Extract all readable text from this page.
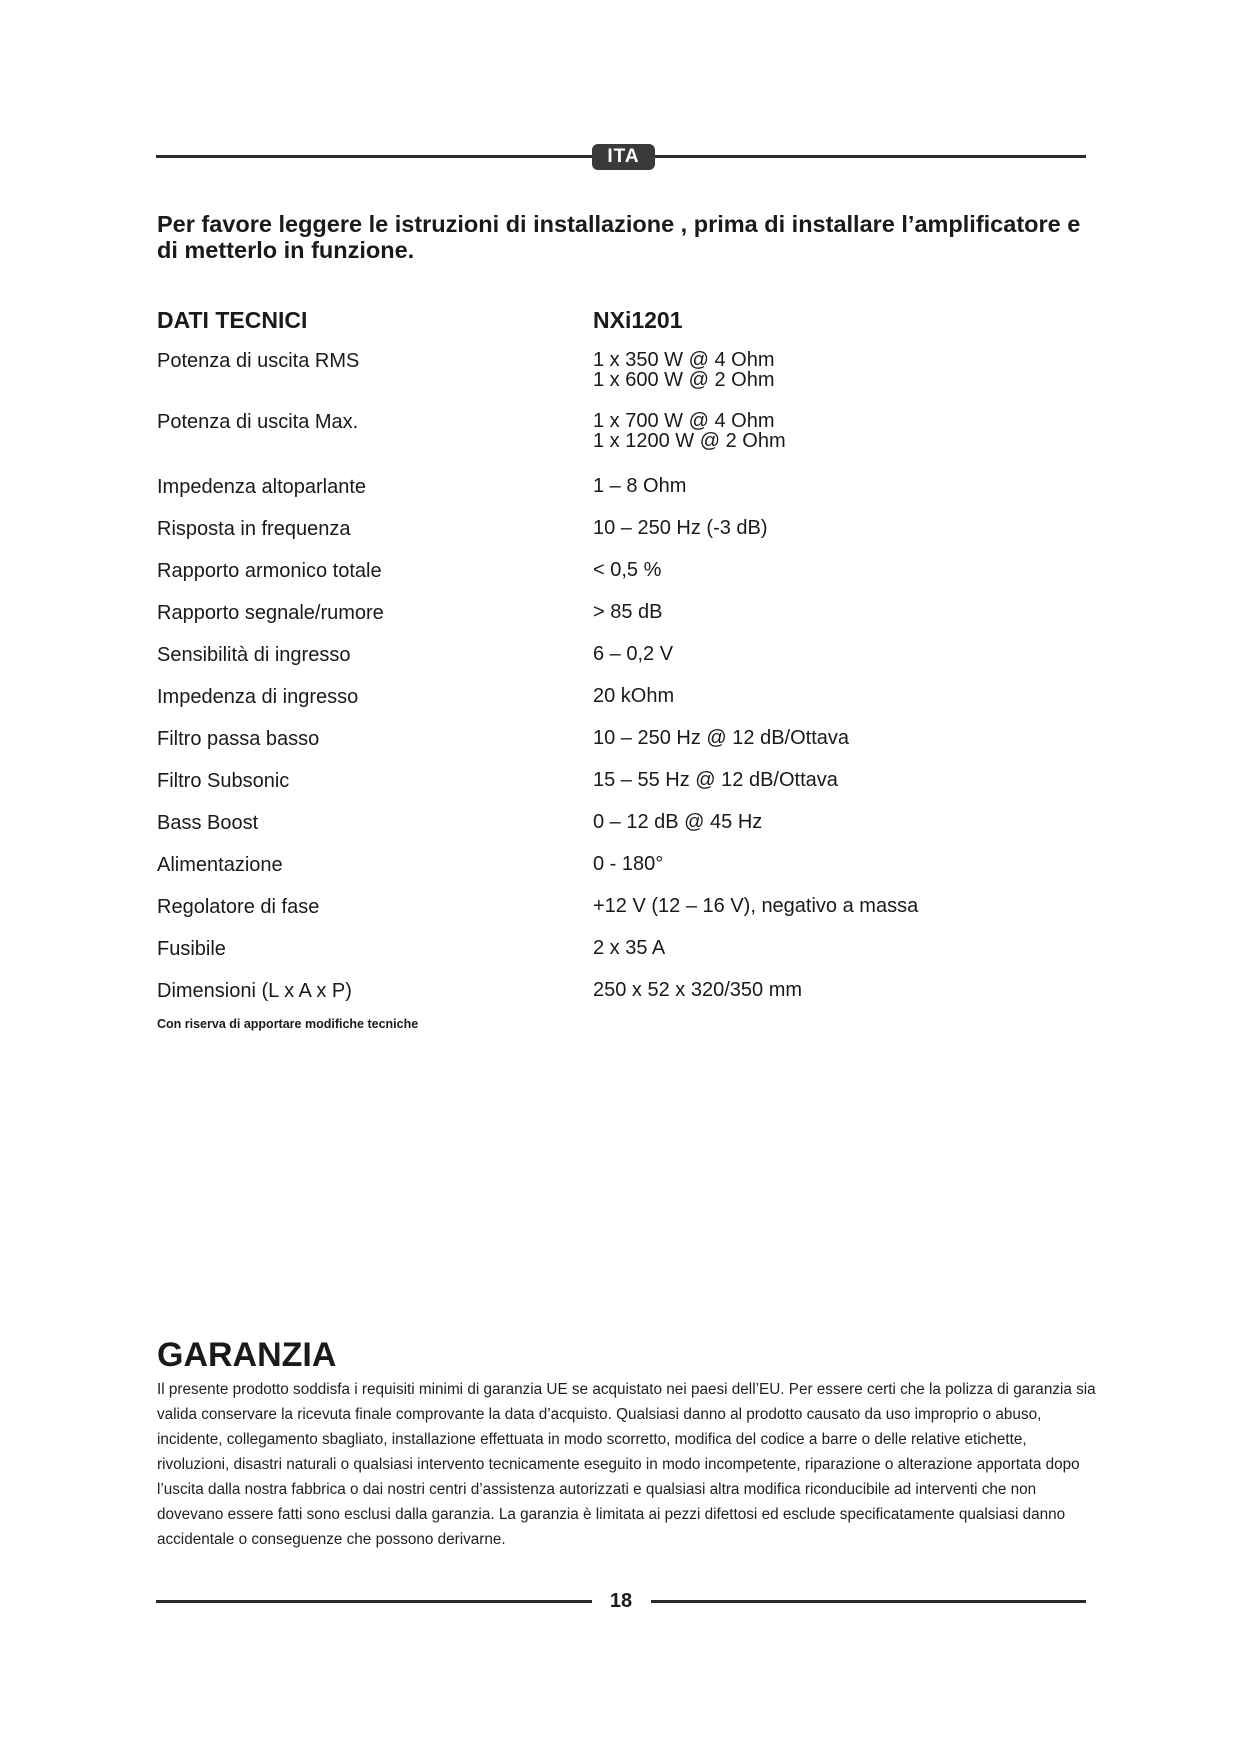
ITA

Per favore leggere le istruzioni di installazione , prima di installare l’amplificatore e di metterlo in funzione.

DATI TECNICI	NXi1201
Potenza di uscita RMS	1 x 350 W @ 4 Ohm
1 x 600 W @ 2 Ohm
Potenza di uscita Max.	1 x 700 W @ 4 Ohm
1 x 1200 W @ 2 Ohm
Impedenza altoparlante	1 – 8 Ohm
Risposta in frequenza	10 – 250 Hz (-3 dB)
Rapporto armonico totale	< 0,5 %
Rapporto segnale/rumore	> 85 dB
Sensibilità di ingresso	6 – 0,2 V
Impedenza di ingresso	20 kOhm
Filtro passa basso	10 – 250 Hz @ 12 dB/Ottava
Filtro Subsonic	15 – 55 Hz @ 12 dB/Ottava
Bass Boost	0 – 12 dB @ 45 Hz
Alimentazione	0 - 180°
Regolatore di fase	+12 V (12 – 16 V), negativo a massa
Fusibile	2 x 35 A
Dimensioni (L x A x P)	250 x 52 x 320/350 mm
Con riserva di apportare modifiche tecniche
GARANZIA

Il presente prodotto soddisfa i requisiti minimi di garanzia UE se acquistato nei paesi dell’EU. Per essere certi che la polizza di garanzia sia valida conservare la ricevuta finale comprovante la data d’acquisto. Qualsiasi danno al prodotto causato da uso improprio o abuso, incidente, collegamento sbagliato, installazione effettuata in modo scorretto, modifica del codice a barre o delle relative etichette, rivoluzioni, disastri naturali o qualsiasi intervento tecnicamente eseguito in modo incompetente, riparazione o alterazione apportata dopo l’uscita dalla nostra fabbrica o dai nostri centri d’assistenza autorizzati e qualsiasi altra modifica riconducibile ad interventi che non dovevano essere fatti sono esclusi dalla garanzia. La garanzia è limitata ai pezzi difettosi ed esclude specificatamente qualsiasi danno accidentale o conseguenze che possono derivarne.

18
